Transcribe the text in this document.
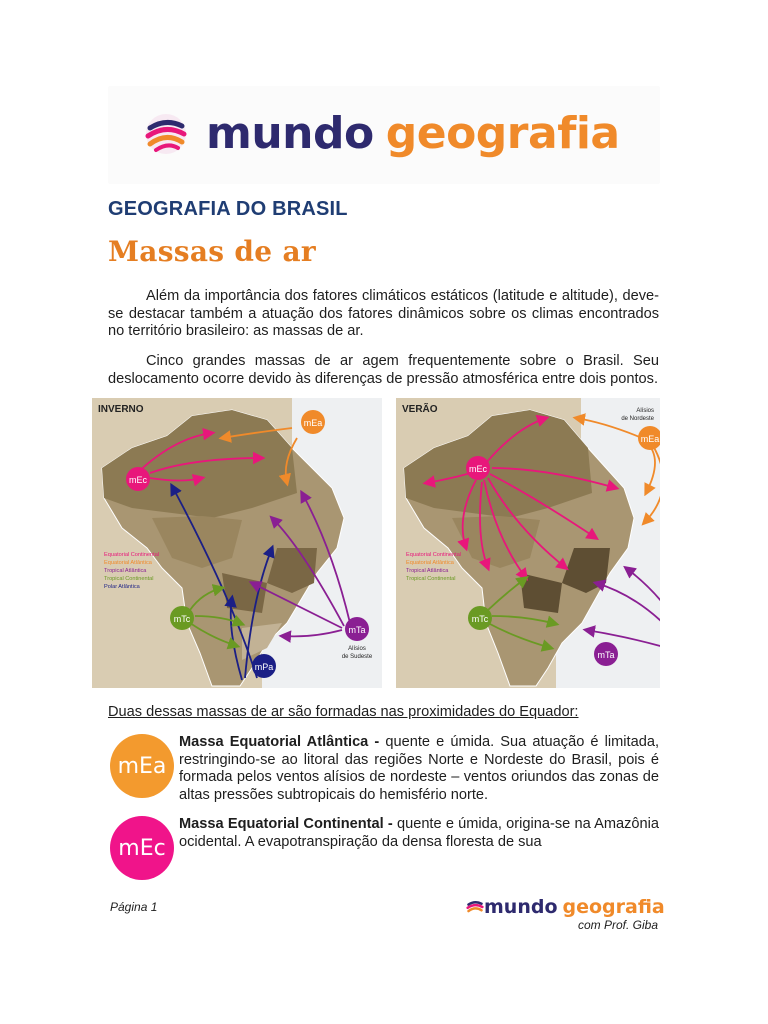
mundo geografia
GEOGRAFIA DO BRASIL
Massas de ar

Além da importância dos fatores climáticos estáticos (latitude e altitude), deve-se destacar também a atuação dos fatores dinâmicos sobre os climas encontrados no território brasileiro: as massas de ar.

Cinco grandes massas de ar agem frequentemente sobre o Brasil. Seu deslocamento ocorre devido às diferenças de pressão atmosférica entre dois pontos.

INVERNO
mEa
mEc
mTc
mTa
mPa
Alísios
de Sudeste
Equatorial Continental
Equatorial Atlântica
Tropical Atlântica
Tropical Continental
Polar Atlântica
VERÃO	Alísios
de Nordeste
mEa
mEc
mTc
mTa
Equatorial Continental
Equatorial Atlântica
Tropical Atlântica
Tropical Continental
Duas dessas massas de ar são formadas nas proximidades do Equador:
mEa

Massa Equatorial Atlântica - quente e úmida. Sua atuação é limitada, restringindo-se ao litoral das regiões Norte e Nordeste do Brasil, pois é formada pelos ventos alísios de nordeste – ventos oriundos das zonas de altas pressões subtropicais do hemisfério norte.

mEc

Massa Equatorial Continental - quente e úmida, origina-se na Amazônia ocidental. A evapotranspiração da densa floresta de sua

Página 1	mundo geografia
com Prof. Giba
